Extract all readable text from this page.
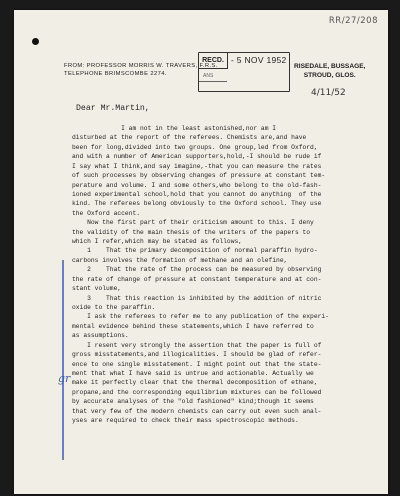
RR/27/208
FROM: PROFESSOR MORRIS W. TRAVERS, F.R.S.
TELEPHONE BRIMSCOMBE 2274.
RECD. - 5 NOV 1952
ANS
RISEDALE, BUSSAGE,
STROUD, GLOS.
4/11/52
Dear Mr.Martin,
I am not in the least astonished,nor am I
disturbed at the report of the referees. Chemists are,and have
been for long,divided into two groups. One group,led from Oxford,
and with a number of American supporters,hold,-I should be rude if
I say what I think,and say imagine,-that you can measure the rates
of such processes by observing changes of pressure at constant tem-
perature and volume. I and some others,who belong to the old-fash-
ioned experimental school,hold that you cannot do anything  of the
kind. The referees belong obviously to the Oxford school. They use
the Oxford accent.
Now the first part of their criticism amount to this. I deny
the validity of the main thesis of the writers of the papers to
which I refer,which may be stated as follows,
1    That the primary decomposition of normal paraffin hydro-
carbons involves the formation of methane and an olefine,
2    That the rate of the process can be measured by observing
the rate of change of pressure at constant temperature and at con-
stant volume,
3    That this reaction is inhibited by the addition of nitric
oxide to the paraffin.
I ask the referees to refer me to any publication of the experi-
mental evidence behind these statements,which I have referred to
as assumptions.
I resent very strongly the assertion that the paper is full of
gross misstatements,and illogicalities. I should be glad of refer-
ence to one single misstatement. I might point out that the state-
ment that what I have said is untrue and actionable. Actually we
make it perfectly clear that the thermal decomposition of ethane,
propane,and the corresponding equilibrium mixtures can be followed
by accurate analyses of the "old fashioned" kind;though it seems
that very few of the modern chemists can carry out even such anal-
yses are required to check their mass spectroscopic methods.
gr
